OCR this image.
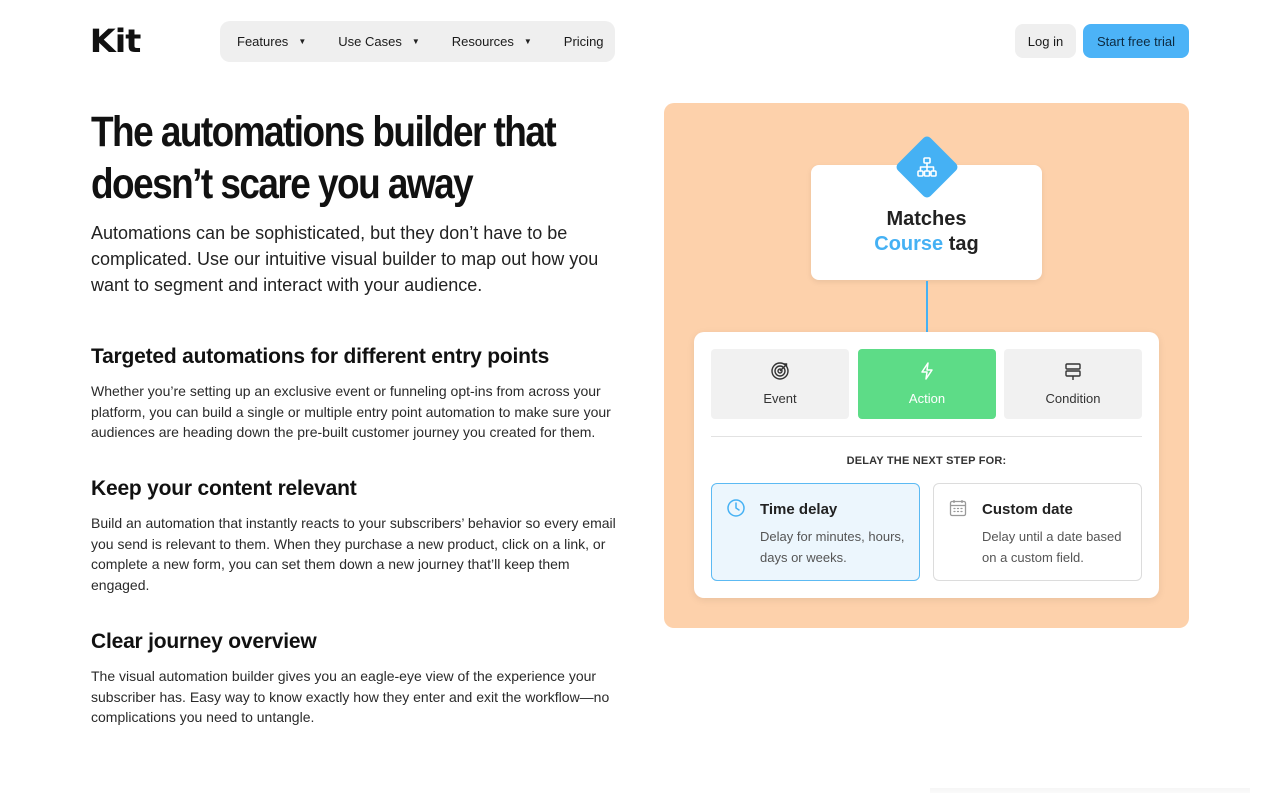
Kit	Features ▼ Use Cases ▼ Resources ▼ Pricing	Log in	Start free trial
The automations builder that
doesn’t scare you away

Automations can be sophisticated, but they don’t have to be complicated. Use our intuitive visual builder to map out how you want to segment and interact with your audience.

Targeted automations for different entry points

Whether you’re setting up an exclusive event or funneling opt-ins from across your platform, you can build a single or multiple entry point automation to make sure your audiences are heading down the pre-built customer journey you created for them.

Keep your content relevant

Build an automation that instantly reacts to your subscribers’ behavior so every email you send is relevant to them. When they purchase a new product, click on a link, or complete a new form, you can set them down a new journey that’ll keep them engaged.

Clear journey overview

The visual automation builder gives you an eagle-eye view of the experience your subscriber has. Easy way to know exactly how they enter and exit the workflow—no complications you need to untangle.

Matches
Course tag
Event	Action	Condition
DELAY THE NEXT STEP FOR:
Time delay
Delay for minutes, hours, days or weeks.
Custom date
Delay until a date based on a custom field.
